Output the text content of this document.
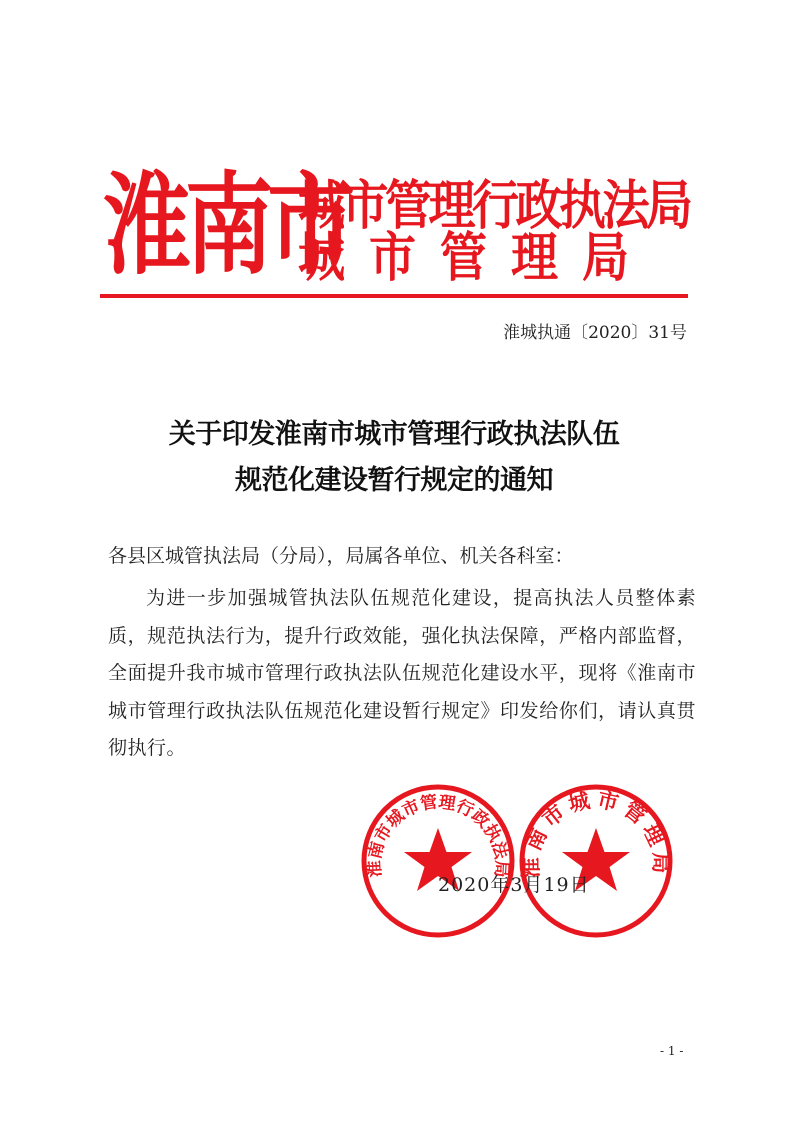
淮南市
城市管理行政执法局
城市管理局
淮城执通〔2020〕31号
关于印发淮南市城市管理行政执法队伍
规范化建设暂行规定的通知
各县区城管执法局（分局），局属各单位、机关各科室：
为进一步加强城管执法队伍规范化建设，提高执法人员整体素质，规范执法行为，提升行政效能，强化执法保障，严格内部监督，全面提升我市城市管理行政执法队伍规范化建设水平，现将《淮南市城市管理行政执法队伍规范化建设暂行规定》印发给你们，请认真贯彻执行。
淮南市城市管理行政执法局 淮南市城市管理局
2020年3月19日
- 1 -
